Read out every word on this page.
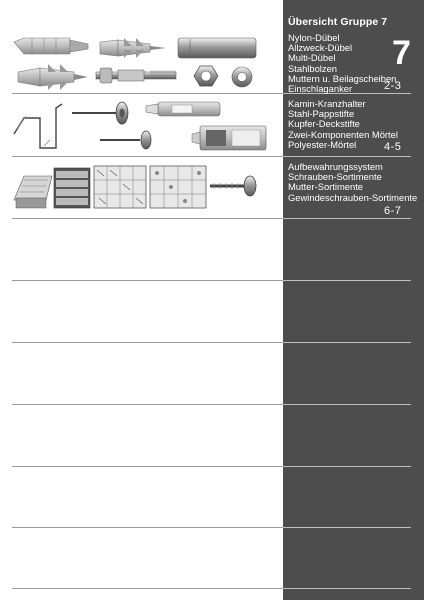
Übersicht Gruppe 7
7
Nylon-Dübel
Allzweck-Dübel
Multi-Dübel
Stahlbolzen
Muttern u. Beilagscheiben
Einschlaganker	2-3
Kamin-Kranzhalter
Stahl-Pappstifte
Kupfer-Deckstifte
Zwei-Komponenten Mörtel
Polyester-Mörtel	4-5
Aufbewahrungssystem
Schrauben-Sortimente
Mutter-Sortimente
Gewindeschrauben-Sortimente
6-7
